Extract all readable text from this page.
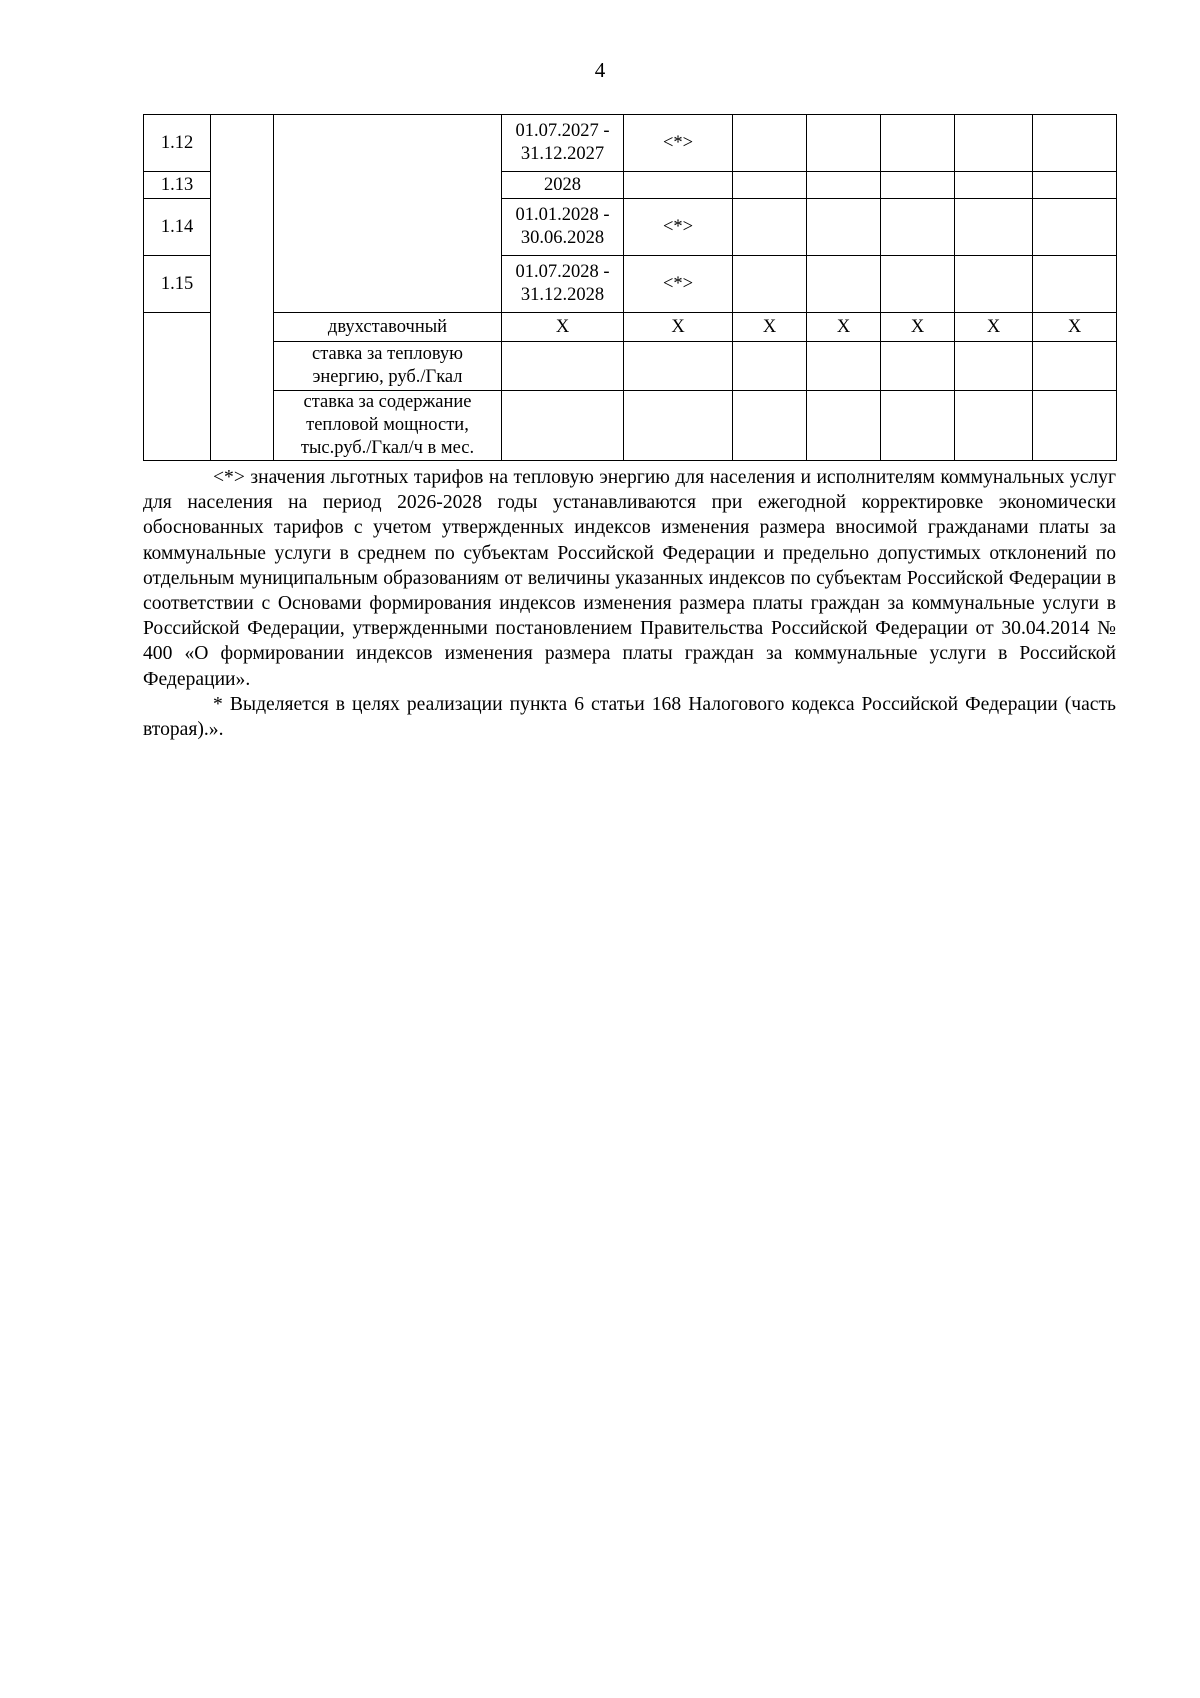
4
1.12			01.07.2027 - 31.12.2027	<*>					
1.13			2028						
1.14			01.01.2028 - 30.06.2028	<*>					
1.15			01.07.2028 - 31.12.2028	<*>					
		двухставочный	X	X	X	X	X	X	X
		ставка за тепловую энергию, руб./Гкал							
		ставка за содержание тепловой мощности, тыс.руб./Гкал/ч в мес.							

<*> значения льготных тарифов на тепловую энергию для населения и исполнителям коммунальных услуг для населения на период 2026-2028 годы устанавливаются при ежегодной корректировке экономически обоснованных тарифов с учетом утвержденных индексов изменения размера вносимой гражданами платы за коммунальные услуги в среднем по субъектам Российской Федерации и предельно допустимых отклонений по отдельным муниципальным образованиям от величины указанных индексов по субъектам Российской Федерации в соответствии с Основами формирования индексов изменения размера платы граждан за коммунальные услуги в Российской Федерации, утвержденными постановлением Правительства Российской Федерации от 30.04.2014 № 400 «О формировании индексов изменения размера платы граждан за коммунальные услуги в Российской Федерации».

* Выделяется в целях реализации пункта 6 статьи 168 Налогового кодекса Российской Федерации (часть вторая).».
